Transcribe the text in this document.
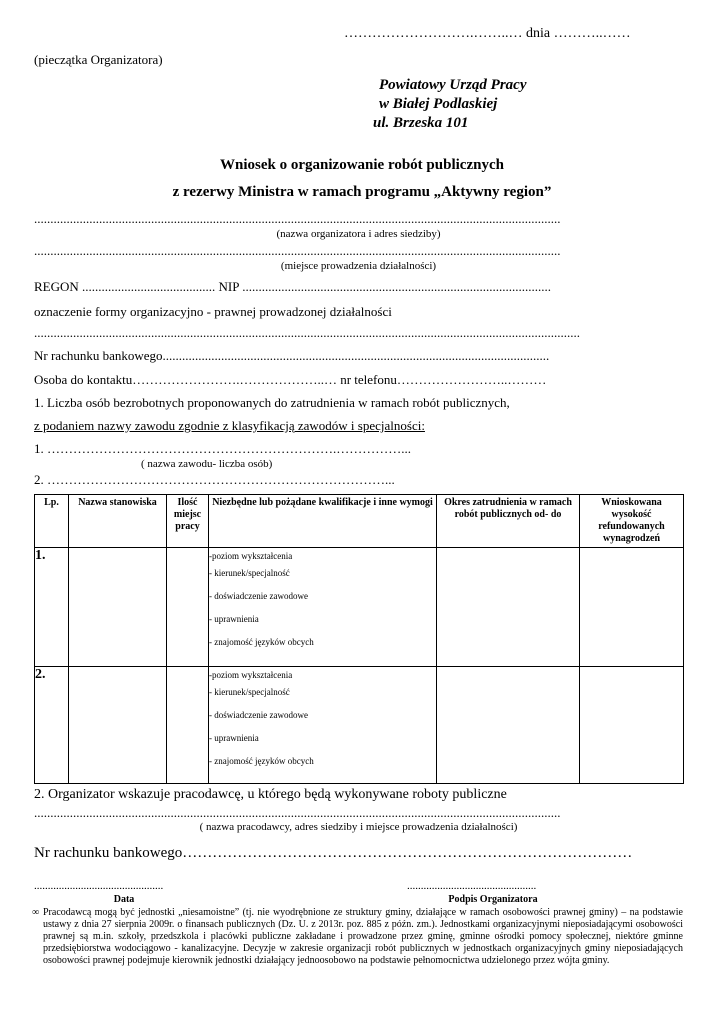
……………………….……..… dnia ………..……
(pieczątka Organizatora)
Powiatowy Urząd Pracy
w Białej Podlaskiej
ul. Brzeska 101
Wniosek o organizowanie robót publicznych
z rezerwy Ministra w ramach programu „Aktywny region”
..................................................................................................................................................................
(nazwa organizatora i adres siedziby)
..................................................................................................................................................................
(miejsce prowadzenia działalności)
REGON ......................................... NIP ...............................................................................................
oznaczenie formy organizacyjno - prawnej prowadzonej działalności
........................................................................................................................................................................
Nr rachunku bankowego.......................................................................................................................
Osoba do kontaktu…………………….………………..… nr telefonu……………………..………
1. Liczba osób bezrobotnych proponowanych do zatrudnienia w ramach robót publicznych,
z podaniem nazwy zawodu zgodnie z klasyfikacją zawodów i specjalności:
1. ………………………………………………………….……………...
( nazwa zawodu- liczba osób)
2. ……………………………………………………………………...
Lp.	Nazwa stanowiska	Ilość miejsc pracy	Niezbędne lub pożądane kwalifikacje i inne wymogi	Okres zatrudnienia w ramach robót publicznych od- do	Wnioskowana wysokość refundowanych wynagrodzeń
1.			-poziom wykształcenia
- kierunek/specjalność
- doświadczenie zawodowe
- uprawnienia
- znajomość języków obcych		

2.			-poziom wykształcenia
- kierunek/specjalność
- doświadczenie zawodowe
- uprawnienia
- znajomość języków obcych		

2. Organizator wskazuje pracodawcę, u którego będą wykonywane roboty publiczne
..................................................................................................................................................................
( nazwa pracodawcy, adres siedziby i miejsce prowadzenia działalności)
Nr rachunku bankowego………………………………………………………………………………
...............................................
Data
...............................................
Podpis Organizatora
∞ Pracodawcą mogą być jednostki „niesamoistne” (tj. nie wyodrębnione ze struktury gminy, działające w ramach osobowości prawnej gminy) – na podstawie ustawy z dnia 27 sierpnia 2009r. o finansach publicznych (Dz. U. z 2013r. poz. 885 z późn. zm.). Jednostkami organizacyjnymi nieposiadającymi osobowości prawnej są m.in. szkoły, przedszkola i placówki publiczne zakładane i prowadzone przez gminę, gminne ośrodki pomocy społecznej, niektóre gminne przedsiębiorstwa wodociągowo - kanalizacyjne. Decyzje w zakresie organizacji robót publicznych w jednostkach organizacyjnych gminy nieposiadających osobowości prawnej podejmuje kierownik jednostki działający jednoosobowo na podstawie pełnomocnictwa udzielonego przez wójta gminy.
